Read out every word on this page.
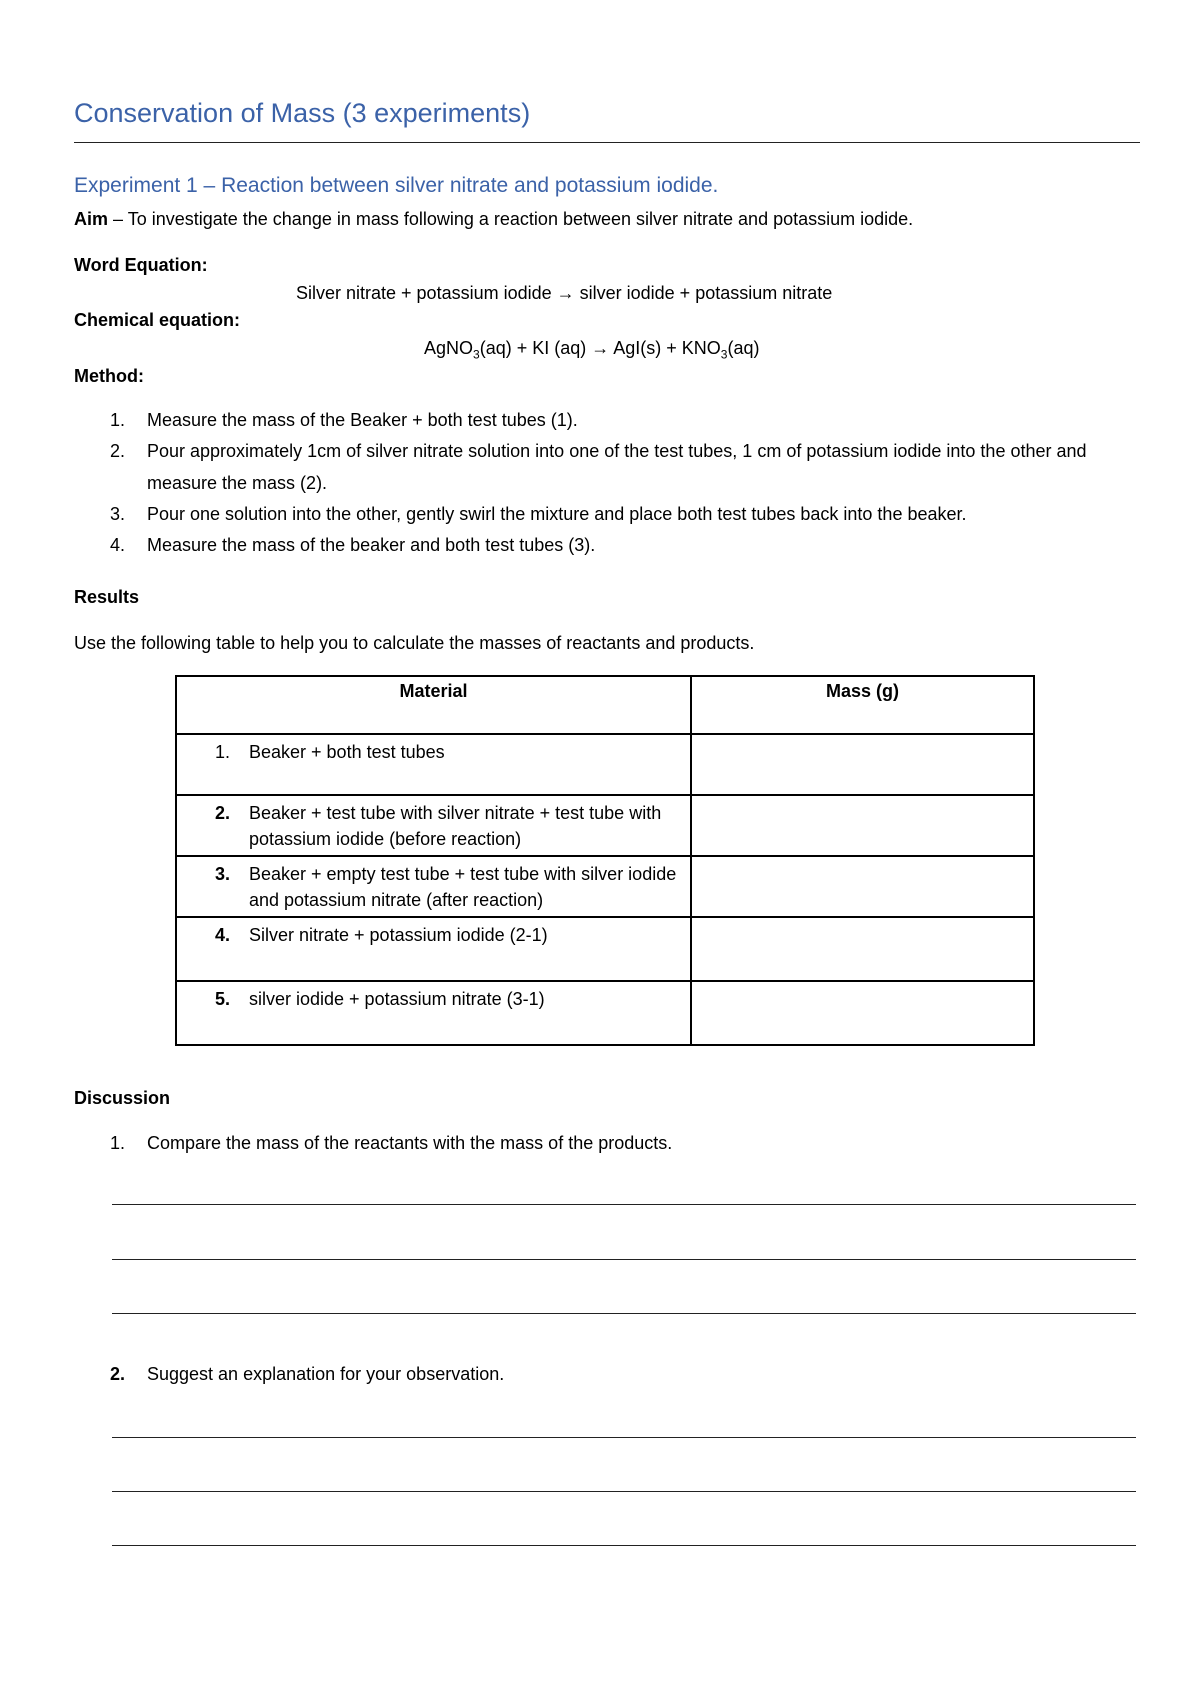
Conservation of Mass (3 experiments)
Experiment 1 – Reaction between silver nitrate and potassium iodide.
Aim – To investigate the change in mass following a reaction between silver nitrate and potassium iodide.
Word Equation:
Silver nitrate + potassium iodide → silver iodide + potassium nitrate
Chemical equation:
AgNO$_3$(aq) + KI $(aq) \to AgI(s) + KNO_3(aq)$
Method:
1. Measure the mass of the Beaker + both test tubes (1).
2. Pour approximately 1cm of silver nitrate solution into one of the test tubes, 1 cm of potassium iodide into the other and measure the mass (2).
3. Pour one solution into the other, gently swirl the mixture and place both test tubes back into the beaker.
4. Measure the mass of the beaker and both test tubes (3).
Results
Use the following table to help you to calculate the masses of reactants and products.
Material	Mass (g)

1. Beaker + both test tubes	

2. Beaker + test tube with silver nitrate + test tube with potassium iodide (before reaction)	

3. Beaker + empty test tube + test tube with silver iodide and potassium nitrate (after reaction)	

4. Silver nitrate + potassium iodide (2-1)	

5. silver iodide + potassium nitrate (3-1)	

Discussion
1. Compare the mass of the reactants with the mass of the products.
2. Suggest an explanation for your observation.
